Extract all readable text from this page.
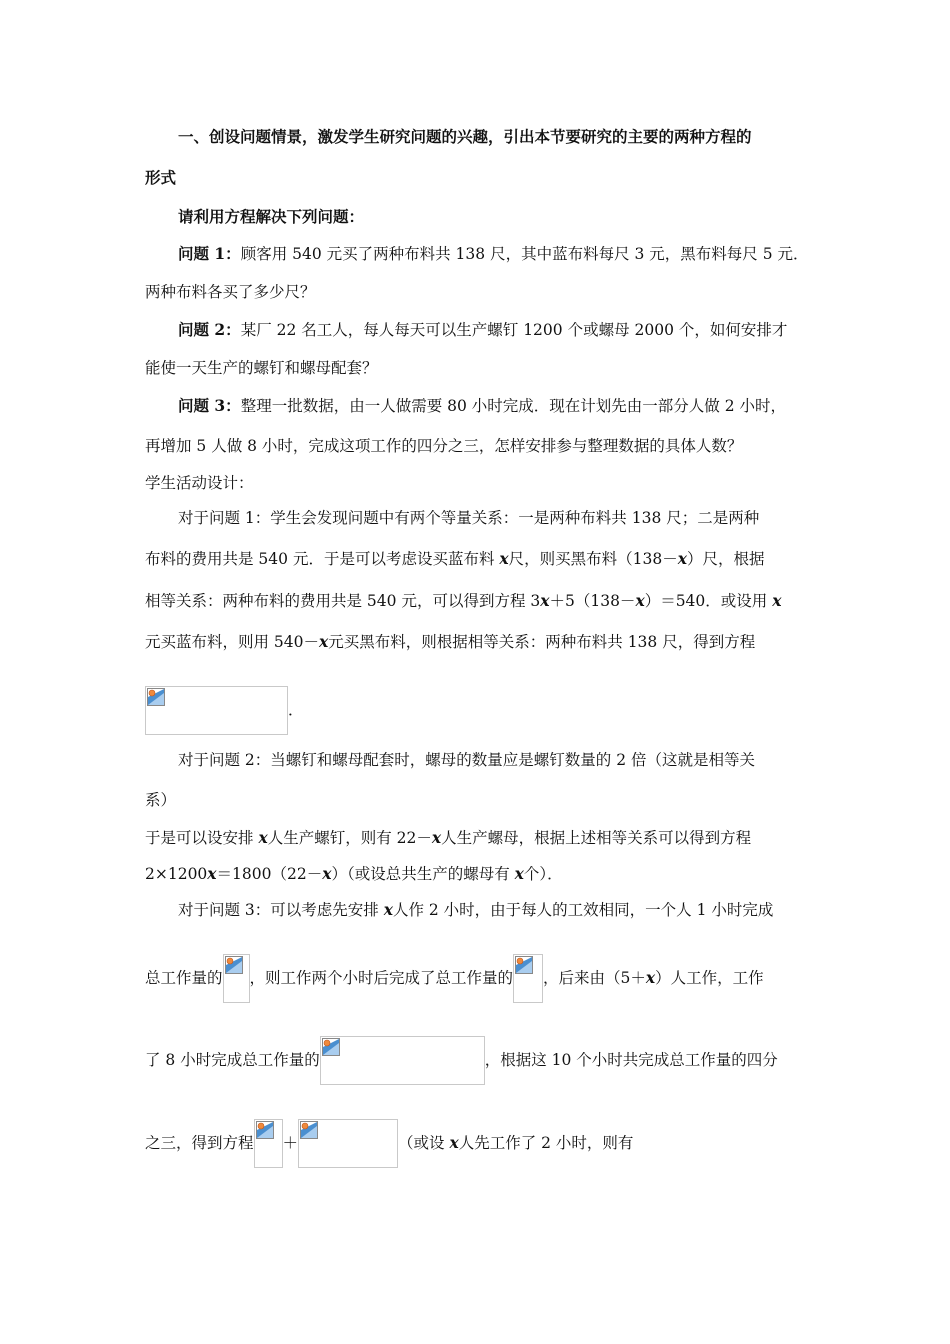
一、创设问题情景，激发学生研究问题的兴趣，引出本节要研究的主要的两种方程的
形式
请利用方程解决下列问题：
问题 1：顾客用 540 元买了两种布料共 138 尺，其中蓝布料每尺 3 元，黑布料每尺 5 元．
两种布料各买了多少尺？
问题 2：某厂 22 名工人，每人每天可以生产螺钉 1200 个或螺母 2000 个，如何安排才
能使一天生产的螺钉和螺母配套？
问题 3：整理一批数据，由一人做需要 80 小时完成．现在计划先由一部分人做 2 小时，
再增加 5 人做 8 小时，完成这项工作的四分之三，怎样安排参与整理数据的具体人数？
学生活动设计：
对于问题 1：学生会发现问题中有两个等量关系：一是两种布料共 138 尺；二是两种
布料的费用共是 540 元．于是可以考虑设买蓝布料 x尺，则买黑布料（138－x）尺，根据
相等关系：两种布料的费用共是 540 元，可以得到方程 3x＋5（138－x）＝540．或设用 x
元买蓝布料，则用 540－x元买黑布料，则根据相等关系：两种布料共 138 尺，得到方程
．
对于问题 2：当螺钉和螺母配套时，螺母的数量应是螺钉数量的 2 倍（这就是相等关
系）
于是可以设安排 x人生产螺钉，则有 22－x人生产螺母，根据上述相等关系可以得到方程
2×1200x＝1800（22－x）（或设总共生产的螺母有 x个）．
对于问题 3：可以考虑先安排 x人作 2 小时，由于每人的工效相同，一个人 1 小时完成
总工作量的 ，则工作两个小时后完成了总工作量的 ，后来由（5＋x）人工作，工作
了 8 小时完成总工作量的	，根据这 10 个小时共完成总工作量的四分
之三，得到方程 ＋	（或设 x人先工作了 2 小时，则有
